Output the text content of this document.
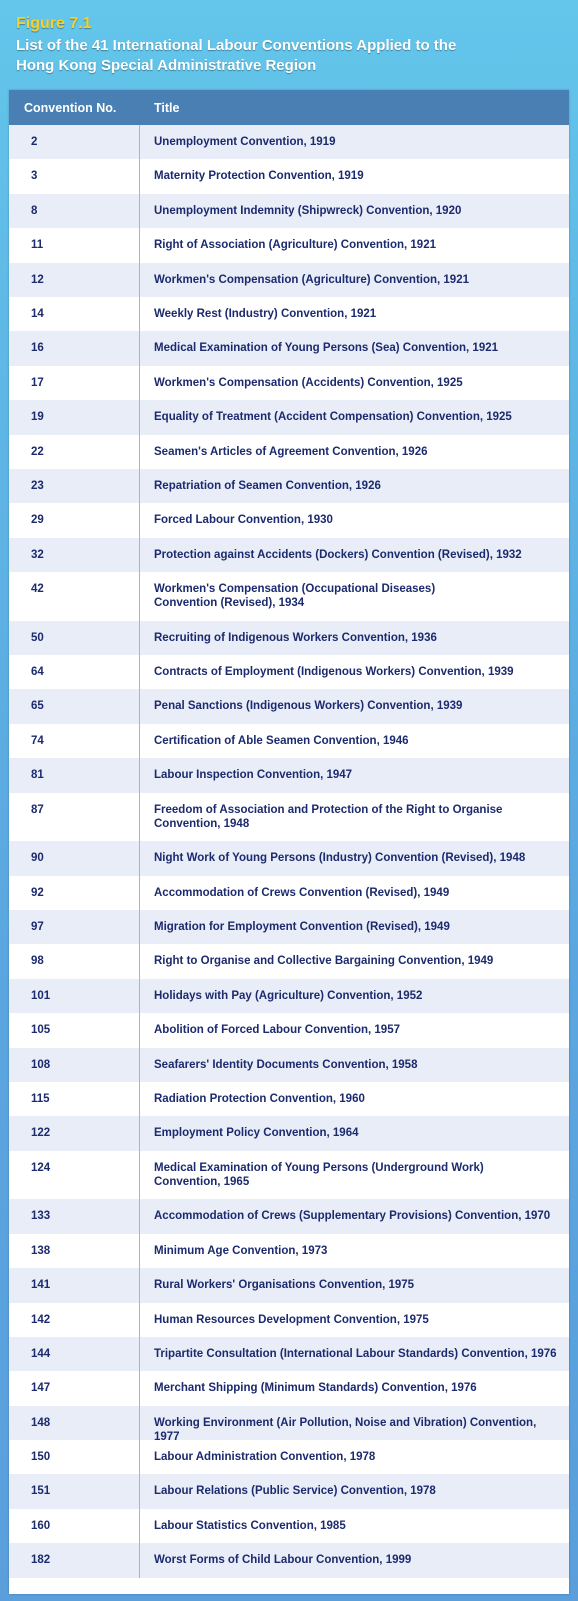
Figure 7.1

List of the 41 International Labour Conventions Applied to the
Hong Kong Special Administrative Region

Convention No.	Title
2	Unemployment Convention, 1919
3	Maternity Protection Convention, 1919
8	Unemployment Indemnity (Shipwreck) Convention, 1920
11	Right of Association (Agriculture) Convention, 1921
12	Workmen's Compensation (Agriculture) Convention, 1921
14	Weekly Rest (Industry) Convention, 1921
16	Medical Examination of Young Persons (Sea) Convention, 1921
17	Workmen's Compensation (Accidents) Convention, 1925
19	Equality of Treatment (Accident Compensation) Convention, 1925
22	Seamen's Articles of Agreement Convention, 1926
23	Repatriation of Seamen Convention, 1926
29	Forced Labour Convention, 1930
32	Protection against Accidents (Dockers) Convention (Revised), 1932
42	Workmen's Compensation (Occupational Diseases)
Convention (Revised), 1934
50	Recruiting of Indigenous Workers Convention, 1936
64	Contracts of Employment (Indigenous Workers) Convention, 1939
65	Penal Sanctions (Indigenous Workers) Convention, 1939
74	Certification of Able Seamen Convention, 1946
81	Labour Inspection Convention, 1947
87	Freedom of Association and Protection of the Right to Organise
Convention, 1948
90	Night Work of Young Persons (Industry) Convention (Revised), 1948
92	Accommodation of Crews Convention (Revised), 1949
97	Migration for Employment Convention (Revised), 1949
98	Right to Organise and Collective Bargaining Convention, 1949
101	Holidays with Pay (Agriculture) Convention, 1952
105	Abolition of Forced Labour Convention, 1957
108	Seafarers' Identity Documents Convention, 1958
115	Radiation Protection Convention, 1960
122	Employment Policy Convention, 1964
124	Medical Examination of Young Persons (Underground Work)
Convention, 1965
133	Accommodation of Crews (Supplementary Provisions) Convention, 1970
138	Minimum Age Convention, 1973
141	Rural Workers' Organisations Convention, 1975
142	Human Resources Development Convention, 1975
144	Tripartite Consultation (International Labour Standards) Convention, 1976
147	Merchant Shipping (Minimum Standards) Convention, 1976
148	Working Environment (Air Pollution, Noise and Vibration) Convention, 1977
150	Labour Administration Convention, 1978
151	Labour Relations (Public Service) Convention, 1978
160	Labour Statistics Convention, 1985
182	Worst Forms of Child Labour Convention, 1999
